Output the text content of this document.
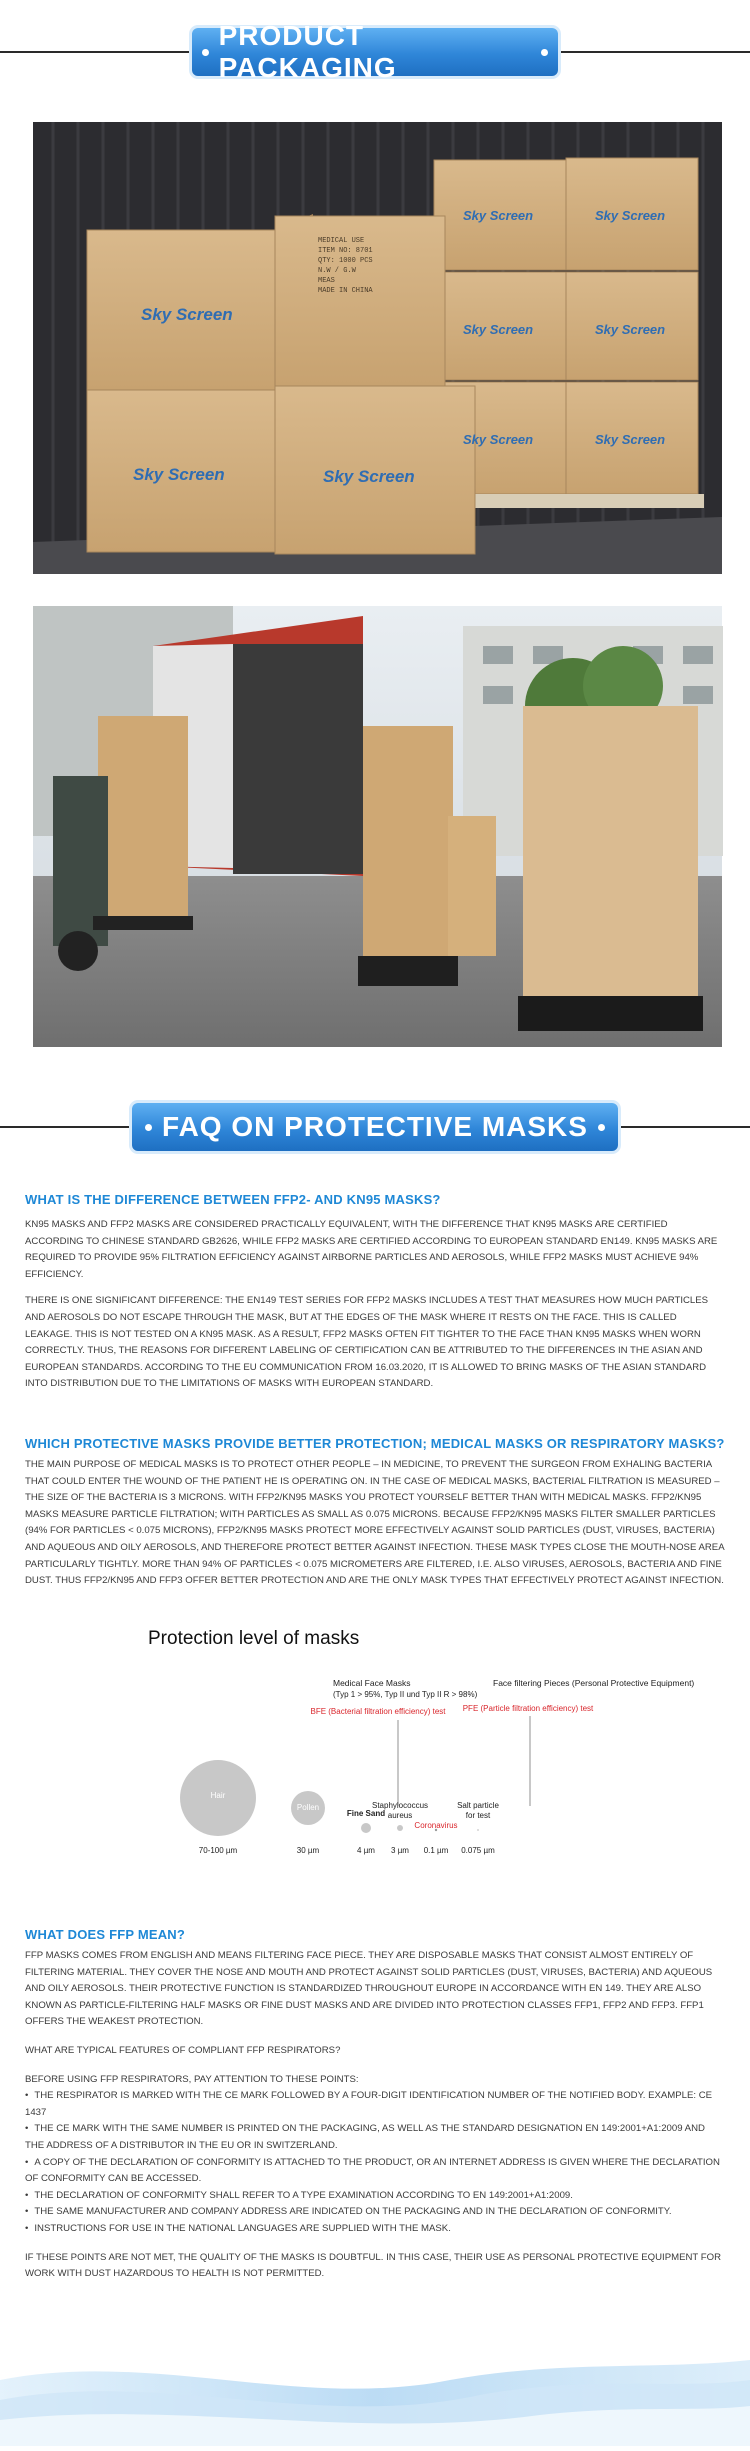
PRODUCT PACKAGING
Sky Screen
Sky Screen	Sky Screen
Sky Screen	Sky Screen
Sky Screen	Sky Screen
Sky Screen	Sky Screen
MEDICAL USE
ITEM NO: 8701
QTY: 1000 PCS
N.W / G.W
MEAS
MADE IN CHINA
FAQ ON PROTECTIVE MASKS
WHAT IS THE DIFFERENCE BETWEEN FFP2- AND KN95 MASKS?

KN95 MASKS AND FFP2 MASKS ARE CONSIDERED PRACTICALLY EQUIVALENT, WITH THE DIFFERENCE THAT KN95 MASKS ARE CERTIFIED ACCORDING TO CHINESE STANDARD GB2626, WHILE FFP2 MASKS ARE CERTIFIED ACCORDING TO EUROPEAN STANDARD EN149. KN95 MASKS ARE REQUIRED TO PROVIDE 95% FILTRATION EFFICIENCY AGAINST AIRBORNE PARTICLES AND AEROSOLS, WHILE FFP2 MASKS MUST ACHIEVE 94% EFFICIENCY.

THERE IS ONE SIGNIFICANT DIFFERENCE: THE EN149 TEST SERIES FOR FFP2 MASKS INCLUDES A TEST THAT MEASURES HOW MUCH PARTICLES AND AEROSOLS DO NOT ESCAPE THROUGH THE MASK, BUT AT THE EDGES OF THE MASK WHERE IT RESTS ON THE FACE. THIS IS CALLED LEAKAGE. THIS IS NOT TESTED ON A KN95 MASK. AS A RESULT, FFP2 MASKS OFTEN FIT TIGHTER TO THE FACE THAN KN95 MASKS WHEN WORN CORRECTLY. THUS, THE REASONS FOR DIFFERENT LABELING OF CERTIFICATION CAN BE ATTRIBUTED TO THE DIFFERENCES IN THE ASIAN AND EUROPEAN STANDARDS. ACCORDING TO THE EU COMMUNICATION FROM 16.03.2020, IT IS ALLOWED TO BRING MASKS OF THE ASIAN STANDARD INTO DISTRIBUTION DUE TO THE LIMITATIONS OF MASKS WITH EUROPEAN STANDARD.

WHICH PROTECTIVE MASKS PROVIDE BETTER PROTECTION; MEDICAL MASKS OR RESPIRATORY MASKS?

THE MAIN PURPOSE OF MEDICAL MASKS IS TO PROTECT OTHER PEOPLE – IN MEDICINE, TO PREVENT THE SURGEON FROM EXHALING BACTERIA THAT COULD ENTER THE WOUND OF THE PATIENT HE IS OPERATING ON. IN THE CASE OF MEDICAL MASKS, BACTERIAL FILTRATION IS MEASURED – THE SIZE OF THE BACTERIA IS 3 MICRONS. WITH FFP2/KN95 MASKS YOU PROTECT YOURSELF BETTER THAN WITH MEDICAL MASKS. FFP2/KN95 MASKS MEASURE PARTICLE FILTRATION; WITH PARTICLES AS SMALL AS 0.075 MICRONS. BECAUSE FFP2/KN95 MASKS FILTER SMALLER PARTICLES (94% FOR PARTICLES < 0.075 MICRONS), FFP2/KN95 MASKS PROTECT MORE EFFECTIVELY AGAINST SOLID PARTICLES (DUST, VIRUSES, BACTERIA) AND AQUEOUS AND OILY AEROSOLS, AND THEREFORE PROTECT BETTER AGAINST INFECTION. THESE MASK TYPES CLOSE THE MOUTH-NOSE AREA PARTICULARLY TIGHTLY. MORE THAN 94% OF PARTICLES < 0.075 MICROMETERS ARE FILTERED, I.E. ALSO VIRUSES, AEROSOLS, BACTERIA AND FINE DUST. THUS FFP2/KN95 AND FFP3 OFFER BETTER PROTECTION AND ARE THE ONLY MASK TYPES THAT EFFECTIVELY PROTECT AGAINST INFECTION.

Protection level of masks
Medical Face Masks
(Typ 1 > 95%, Typ II und Typ II R > 98%)
BFE (Bacterial filtration efficiency) test
Face filtering Pieces (Personal Protective Equipment)
PFE (Particle filtration efficiency) test
Hair
70-100 µm
Pollen
30 µm
Fine Sand
4 µm
Staphylococcus
aureus
3 µm
Coronavirus
0.1 µm
Salt particle
for test
0.075 µm
WHAT DOES FFP MEAN?

FFP MASKS COMES FROM ENGLISH AND MEANS FILTERING FACE PIECE. THEY ARE DISPOSABLE MASKS THAT CONSIST ALMOST ENTIRELY OF FILTERING MATERIAL. THEY COVER THE NOSE AND MOUTH AND PROTECT AGAINST SOLID PARTICLES (DUST, VIRUSES, BACTERIA) AND AQUEOUS AND OILY AEROSOLS. THEIR PROTECTIVE FUNCTION IS STANDARDIZED THROUGHOUT EUROPE IN ACCORDANCE WITH EN 149. THEY ARE ALSO KNOWN AS PARTICLE-FILTERING HALF MASKS OR FINE DUST MASKS AND ARE DIVIDED INTO PROTECTION CLASSES FFP1, FFP2 AND FFP3. FFP1 OFFERS THE WEAKEST PROTECTION.

WHAT ARE TYPICAL FEATURES OF COMPLIANT FFP RESPIRATORS?

BEFORE USING FFP RESPIRATORS, PAY ATTENTION TO THESE POINTS:

• THE RESPIRATOR IS MARKED WITH THE CE MARK FOLLOWED BY A FOUR-DIGIT IDENTIFICATION NUMBER OF THE NOTIFIED BODY. EXAMPLE: CE 1437
• THE CE MARK WITH THE SAME NUMBER IS PRINTED ON THE PACKAGING, AS WELL AS THE STANDARD DESIGNATION EN 149:2001+A1:2009 AND THE ADDRESS OF A DISTRIBUTOR IN THE EU OR IN SWITZERLAND.
• A COPY OF THE DECLARATION OF CONFORMITY IS ATTACHED TO THE PRODUCT, OR AN INTERNET ADDRESS IS GIVEN WHERE THE DECLARATION OF CONFORMITY CAN BE ACCESSED.
• THE DECLARATION OF CONFORMITY SHALL REFER TO A TYPE EXAMINATION ACCORDING TO EN 149:2001+A1:2009.
• THE SAME MANUFACTURER AND COMPANY ADDRESS ARE INDICATED ON THE PACKAGING AND IN THE DECLARATION OF CONFORMITY.
• INSTRUCTIONS FOR USE IN THE NATIONAL LANGUAGES ARE SUPPLIED WITH THE MASK.

IF THESE POINTS ARE NOT MET, THE QUALITY OF THE MASKS IS DOUBTFUL. IN THIS CASE, THEIR USE AS PERSONAL PROTECTIVE EQUIPMENT FOR WORK WITH DUST HAZARDOUS TO HEALTH IS NOT PERMITTED.
